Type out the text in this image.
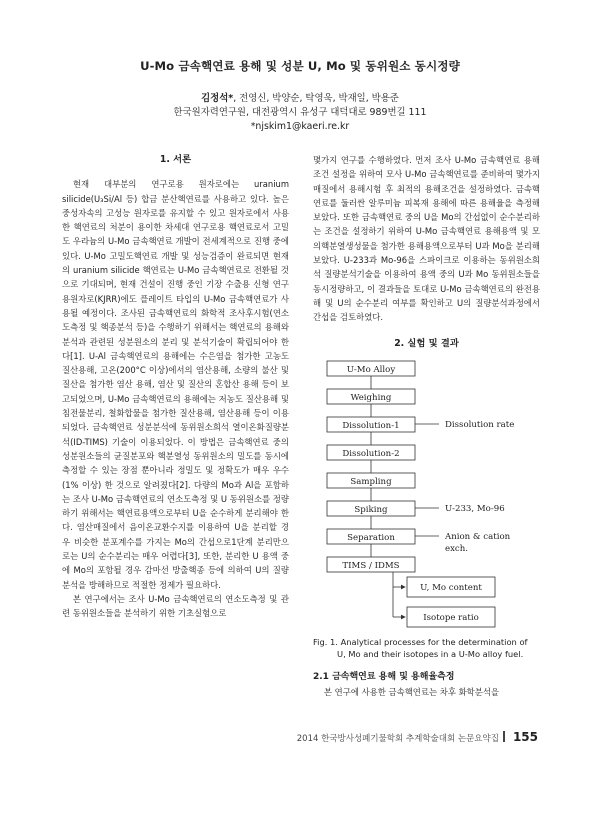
U-Mo 금속핵연료 용해 및 성분 U, Mo 및 동위원소 동시정량
김정석*, 전영신, 박양순, 탁영욱, 박재일, 박용준
한국원자력연구원, 대전광역시 유성구 대덕대로 989번길 111
*njskim1@kaeri.re.kr
1. 서론

현재 대부분의 연구로용 원자로에는 uranium silicide(U₃Si/Al 등) 합금 분산핵연료를 사용하고 있다. 높은 중성자속의 고성능 원자로를 유지할 수 있고 원자로에서 사용한 핵연료의 처분이 용이한 차세대 연구로용 핵연료로서 고밀도 우라늄의 U-Mo 금속핵연료 개발이 전세계적으로 진행 중에 있다. U-Mo 고밀도핵연료 개발 및 성능검증이 완료되면 현재의 uranium silicide 핵연료는 U-Mo 금속핵연료로 전환될 것으로 기대되며, 현재 건설이 진행 중인 기장 수출용 신형 연구용원자로(KJRR)에도 플레이트 타입의 U-Mo 금속핵연료가 사용될 예정이다. 조사된 금속핵연료의 화학적 조사후시험(연소도측정 및 핵종분석 등)을 수행하기 위해서는 핵연료의 용해와 분석과 관련된 성분원소의 분리 및 분석기술이 확립되어야 한다[1]. U-Al 금속핵연료의 용해에는 수은염을 첨가한 고농도 질산용해, 고온(200°C 이상)에서의 염산용해, 소량의 불산 및 질산을 첨가한 염산 용해, 염산 및 질산의 혼합산 용해 등이 보고되었으며, U-Mo 금속핵연료의 용해에는 저농도 질산용해 및 침전물분리, 철화합물을 첨가한 질산용해, 염산용해 등이 이용되었다. 금속핵연료 성분분석에 동위원소희석 열이온화질량분석(ID-TIMS) 기술이 이용되었다. 이 방법은 금속핵연료 중의 성분원소들의 균질분포와 핵분열성 동위원소의 밀도를 동시에 측정할 수 있는 장점 뿐아니라 정밀도 및 정확도가 매우 우수(1% 이상) 한 것으로 알려졌다[2]. 다량의 Mo과 Al을 포함하는 조사 U-Mo 금속핵연료의 연소도측정 및 U 동위원소를 정량하기 위해서는 핵연료용액으로부터 U을 순수하게 분리해야 한다. 염산매질에서 음이온교환수지를 이용하여 U을 분리할 경우 비슷한 분포계수를 가지는 Mo의 간섭으로1단계 분리만으로는 U의 순수분리는 매우 어렵다[3], 또한, 분리한 U 용액 중에 Mo의 포함될 경우 감마선 방출핵종 등에 의하여 U의 질량분석을 방해하므로 적절한 정제가 필요하다.

본 연구에서는 조사 U-Mo 금속핵연료의 연소도측정 및 관련 동위원소들을 분석하기 위한 기초실험으로

몇가지 연구를 수행하였다. 먼저 조사 U-Mo 금속핵연료 용해조건 설정을 위하여 모사 U-Mo 금속핵연료를 준비하여 몇가지 매질에서 용해시험 후 최적의 용해조건을 설정하였다. 금속핵연료를 둘러싼 알루미늄 피복재 용해에 따른 용해율을 측정해 보았다. 또한 금속핵연료 중의 U을 Mo의 간섭없이 순수분리하는 조건을 설정하기 위하여 U-Mo 금속핵연료 용해용액 및 모의핵분열생성물을 첨가한 용해용액으로부터 U과 Mo을 분리해 보았다. U-233과 Mo-96을 스파이크로 이용하는 동위원소희석 질량분석기술을 이용하여 용액 중의 U과 Mo 동위원소들을 동시정량하고, 이 결과들을 토대로 U-Mo 금속핵연료의 완전용해 및 U의 순수분리 여부를 확인하고 U의 질량분석과정에서 간섭을 검토하였다.

2. 실험 및 결과
U-Mo Alloy
Weighing
Dissolution-1	Dissolution rate
Dissolution-2
Sampling
Spiking	U-233, Mo-96
Separation	Anion & cation
exch.
TIMS / IDMS
U, Mo content
Isotope ratio
Fig. 1. Analytical processes for the determination of
U, Mo and their isotopes in a U-Mo alloy fuel.
2.1 금속핵연료 용해 및 용해율측정

본 연구에 사용한 금속핵연료는 차후 화학분석을

2014 한국방사성폐기물학회 추계학술대회 논문요약집 155
